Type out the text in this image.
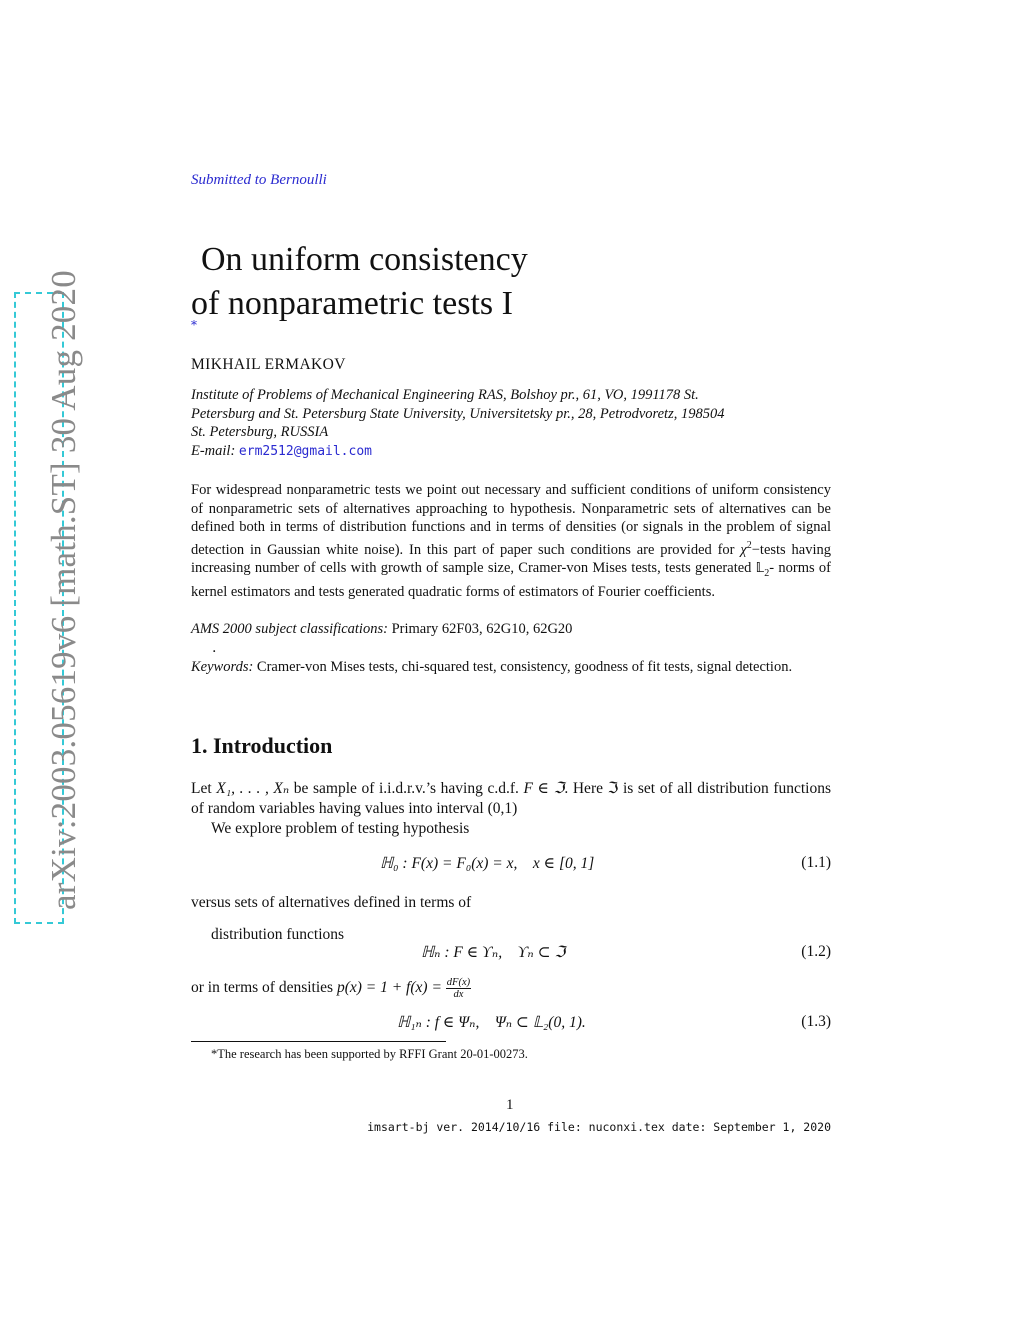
arXiv:2003.05619v6 [math.ST] 30 Aug 2020
Submitted to Bernoulli
On uniform consistency
of nonparametric tests I
*
MIKHAIL ERMAKOV
Institute of Problems of Mechanical Engineering RAS, Bolshoy pr., 61, VO, 1991178 St.
Petersburg and St. Petersburg State University, Universitetsky pr., 28, Petrodvoretz, 198504
St. Petersburg, RUSSIA
E-mail: erm2512@gmail.com
For widespread nonparametric tests we point out necessary and sufficient conditions of uniform consistency of nonparametric sets of alternatives approaching to hypothesis. Nonparametric sets of alternatives can be defined both in terms of distribution functions and in terms of densities (or signals in the problem of signal detection in Gaussian white noise). In this part of paper such conditions are provided for $\chi^2-tests$ having increasing number of cells with growth of sample size, Cramer-von Mises tests, tests generated 𝕃$_2$- norms of kernel estimators and tests generated quadratic forms of estimators of Fourier coefficients.
AMS 2000 subject classifications: Primary 62F03, 62G10, 62G20
.
Keywords: Cramer-von Mises tests, chi-squared test, consistency, goodness of fit tests, signal detection.
1. Introduction
Let X₁, . . . , Xₙ be sample of i.i.d.r.v.’s having c.d.f. F ∈ ℑ. Here ℑ is set of all distribution functions of random variables having values into interval (0,1)
We explore problem of testing hypothesis
ℍ₀ : F(x) = F₀(x) = x,    x ∈ [0, 1]	(1.1)
versus sets of alternatives defined in terms of
distribution functions
ℍₙ : F ∈ ϒₙ,    ϒₙ ⊂ ℑ	(1.2)
or in terms of densities $p(x) = 1 + f(x) = \frac{dF(x)}{dx}$
ℍ₁ₙ : f ∈ Ψₙ,    Ψₙ ⊂ 𝕃₂(0, 1).	(1.3)
*The research has been supported by RFFI Grant 20-01-00273.
1
imsart-bj ver. 2014/10/16 file: nuconxi.tex date: September 1, 2020
